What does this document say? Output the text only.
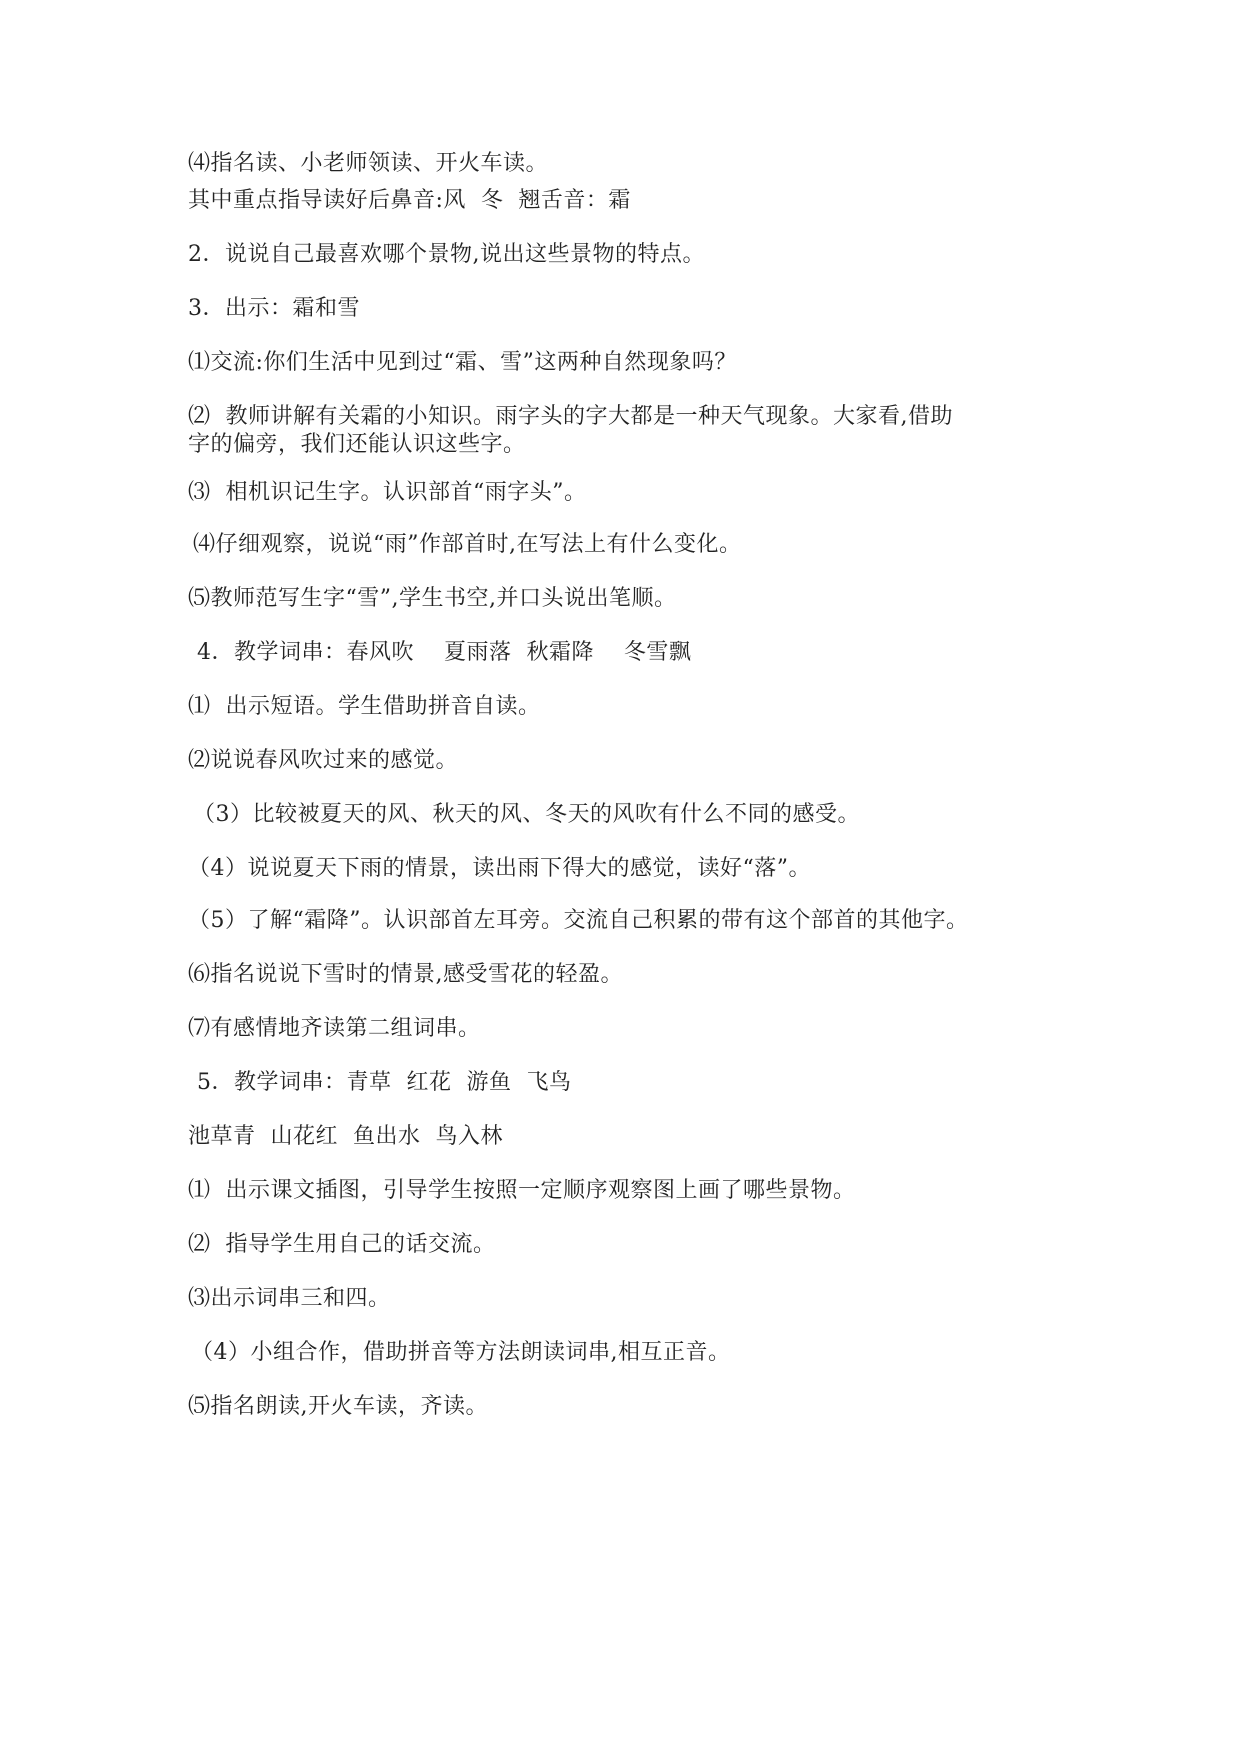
⑷指名读、小老师领读、开火车读。
其中重点指导读好后鼻音:风  冬  翘舌音：霜
2．说说自己最喜欢哪个景物,说出这些景物的特点。
3．出示：霜和雪
⑴交流:你们生活中见到过“霜、雪”这两种自然现象吗？
⑵  教师讲解有关霜的小知识。雨字头的字大都是一种天气现象。大家看,借助
字的偏旁，我们还能认识这些字。
⑶  相机识记生字。认识部首“雨字头”。
⑷仔细观察，说说“雨”作部首时,在写法上有什么变化。
⑸教师范写生字“雪”,学生书空,并口头说出笔顺。
4．教学词串：春风吹    夏雨落  秋霜降    冬雪飘
⑴  出示短语。学生借助拼音自读。
⑵说说春风吹过来的感觉。
（3）比较被夏天的风、秋天的风、冬天的风吹有什么不同的感受。
（4）说说夏天下雨的情景，读出雨下得大的感觉，读好“落”。
（5）了解“霜降”。认识部首左耳旁。交流自己积累的带有这个部首的其他字。
⑹指名说说下雪时的情景,感受雪花的轻盈。
⑺有感情地齐读第二组词串。
5．教学词串：青草  红花  游鱼  飞鸟
池草青  山花红  鱼出水  鸟入林
⑴  出示课文插图，引导学生按照一定顺序观察图上画了哪些景物。
⑵  指导学生用自己的话交流。
⑶出示词串三和四。
（4）小组合作，借助拼音等方法朗读词串,相互正音。
⑸指名朗读,开火车读，齐读。
